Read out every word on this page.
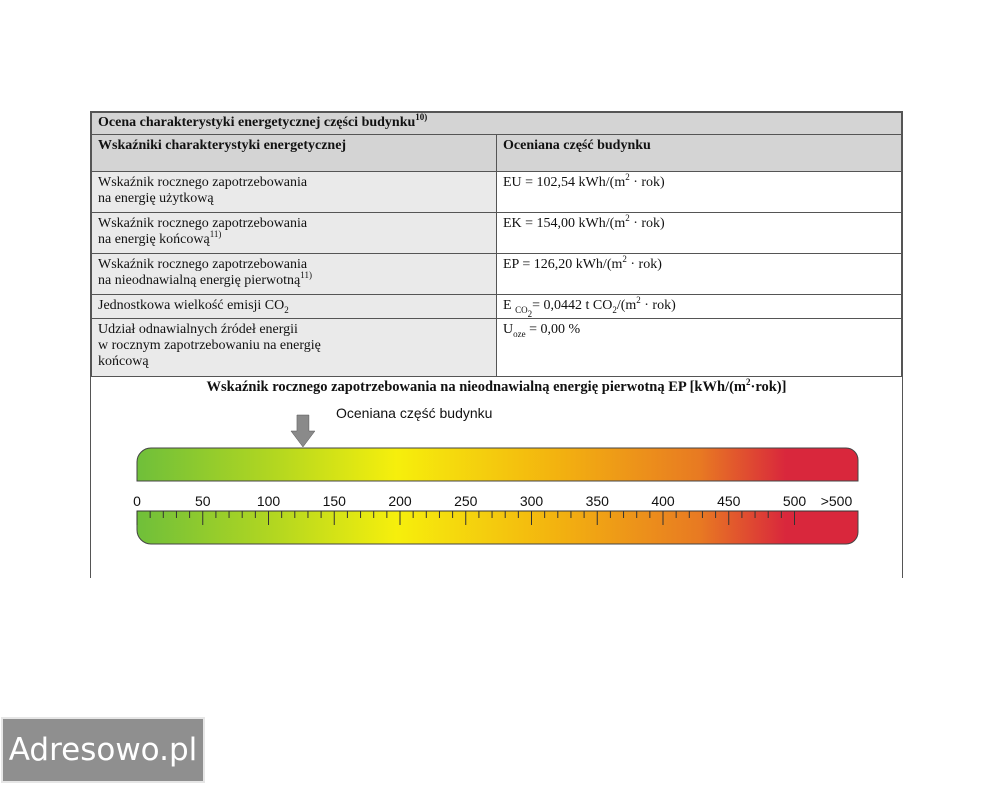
Ocena charakterystyki energetycznej części budynku$^{10)}$
Wskaźniki charakterystyki energetycznej	Oceniana część budynku
Wskaźnik rocznego zapotrzebowania
na energię użytkową	EU = 102,54 kWh/$(m^2 \cdot rok)$
Wskaźnik rocznego zapotrzebowania
na energię końcową$^{11)}$	EK = 154,00 kWh/$(m^2 \cdot rok)$
Wskaźnik rocznego zapotrzebowania
na nieodnawialną energię pierwotną$^{11)}$	EP = 126,20 kWh/$(m^2 \cdot rok)$
Jednostkowa wielkość emisji $CO_2$	E $_{CO_2}$= 0,0442 t $CO_2/(m^2 \cdot rok)$
Udział odnawialnych źródeł energii
w rocznym zapotrzebowaniu na energię
końcową	$U_{oze} = 0,00$ %
Wskaźnik rocznego zapotrzebowania na nieodnawialną energię pierwotną EP $[kWh/(m^2\cdot rok)]$
Oceniana część budynku
0	50	100	150	200	250	300	350	400	450	500 >500
Adresowo.pl
